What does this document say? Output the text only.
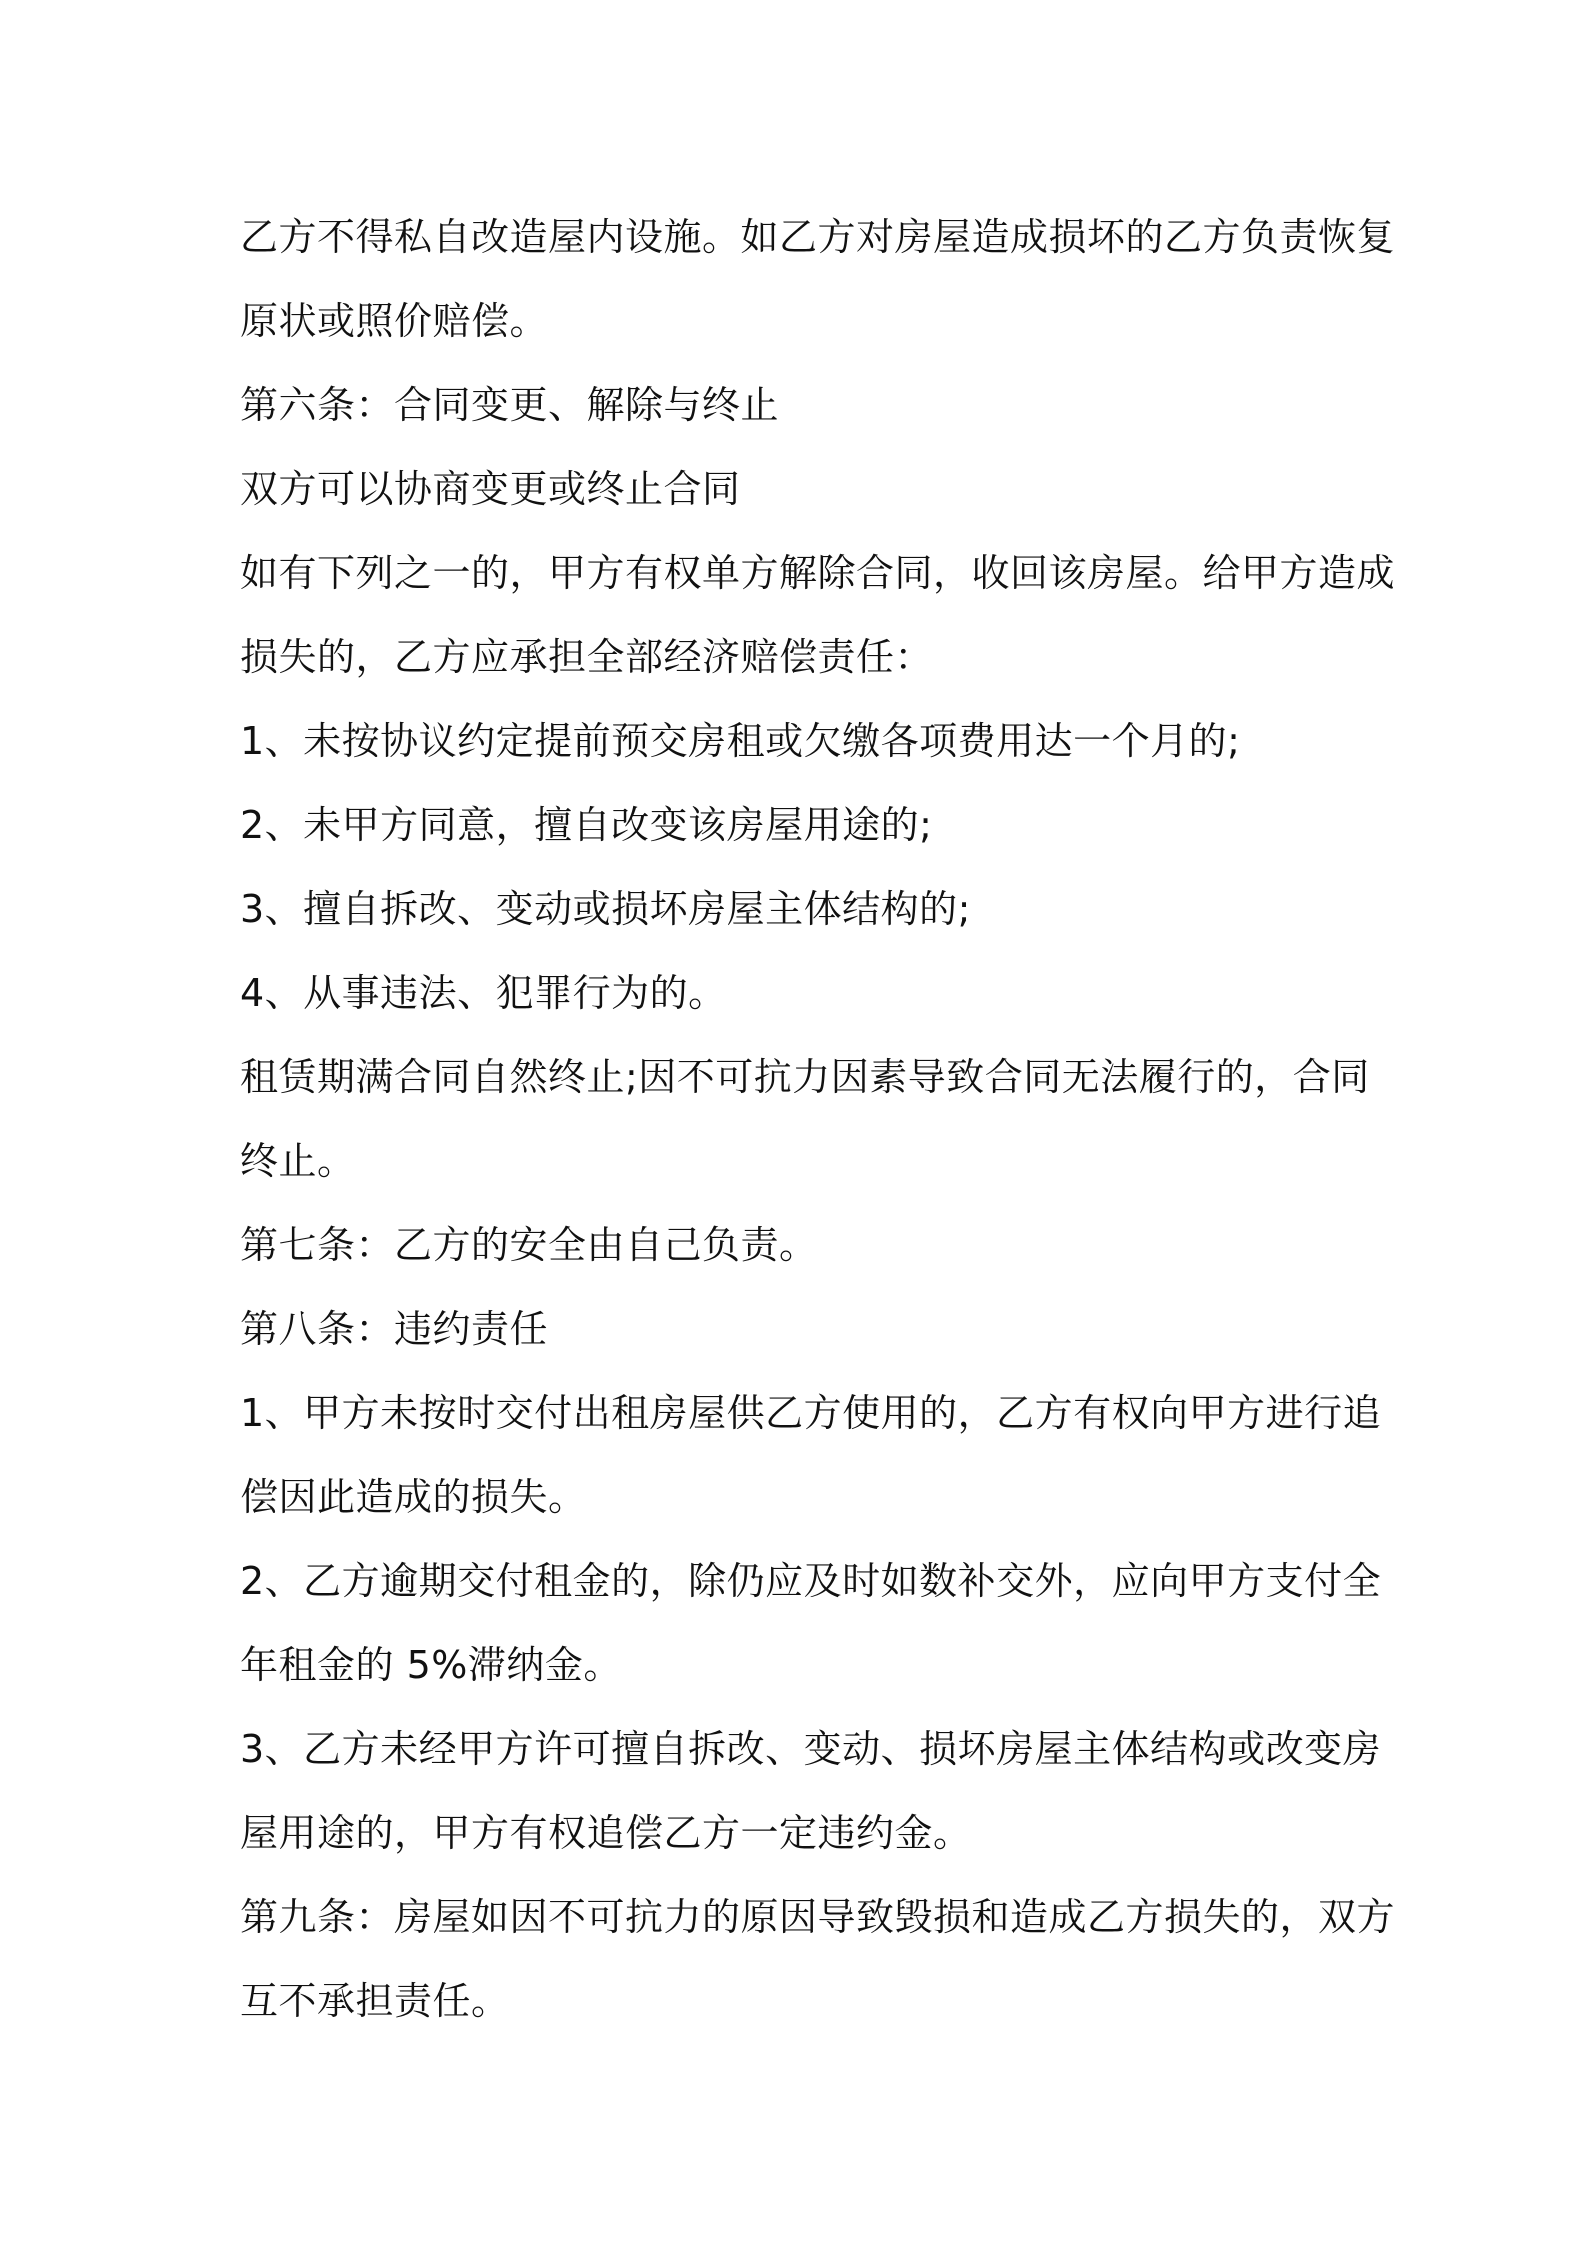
乙方不得私自改造屋内设施。如乙方对房屋造成损坏的乙方负责恢复
原状或照价赔偿。
第六条：合同变更、解除与终止
双方可以协商变更或终止合同
如有下列之一的，甲方有权单方解除合同，收回该房屋。给甲方造成
损失的，乙方应承担全部经济赔偿责任：
1、未按协议约定提前预交房租或欠缴各项费用达一个月的;
2、未甲方同意，擅自改变该房屋用途的;
3、擅自拆改、变动或损坏房屋主体结构的;
4、从事违法、犯罪行为的。
租赁期满合同自然终止;因不可抗力因素导致合同无法履行的，合同
终止。
第七条：乙方的安全由自己负责。
第八条：违约责任
1、甲方未按时交付出租房屋供乙方使用的，乙方有权向甲方进行追
偿因此造成的损失。
2、乙方逾期交付租金的，除仍应及时如数补交外，应向甲方支付全
年租金的 5%滞纳金。
3、乙方未经甲方许可擅自拆改、变动、损坏房屋主体结构或改变房
屋用途的，甲方有权追偿乙方一定违约金。
第九条：房屋如因不可抗力的原因导致毁损和造成乙方损失的，双方
互不承担责任。
